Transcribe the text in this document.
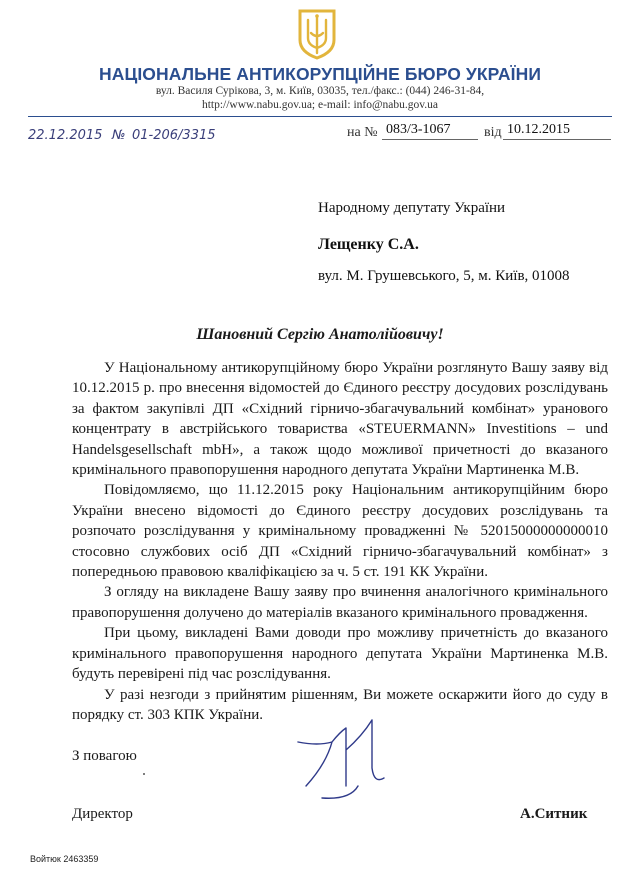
НАЦІОНАЛЬНЕ АНТИКОРУПЦІЙНЕ БЮРО УКРАЇНИ
вул. Василя Сурікова, 3, м. Київ, 03035, тел./факс.: (044) 246-31-84,
http://www.nabu.gov.ua; e-mail: info@nabu.gov.ua
22.12.2015 № 01-206/3315	на № 083/3-1067	від 10.12.2015
Народному депутату України
Лещенку С.А.
вул. М. Грушевського, 5, м. Київ, 01008
Шановний Сергію Анатолійовичу!

У Національному антикорупційному бюро України розглянуто Вашу заяву від 10.12.2015 р. про внесення відомостей до Єдиного реєстру досудових розслідувань за фактом закупівлі ДП «Східний гірничо-збагачувальний комбінат» уранового концентрату в австрійського товариства «STEUERMANN» Investitions – und Handelsgesellschaft mbH», а також щодо можливої причетності до вказаного кримінального правопорушення народного депутата України Мартиненка М.В.

Повідомляємо, що 11.12.2015 року Національним антикорупційним бюро України внесено відомості до Єдиного реєстру досудових розслідувань та розпочато розслідування у кримінальному провадженні № 52015000000000010 стосовно службових осіб ДП «Східний гірничо-збагачувальний комбінат» з попередньою правовою кваліфікацією за ч. 5 ст. 191 КК України.

З огляду на викладене Вашу заяву про вчинення аналогічного кримінального правопорушення долучено до матеріалів вказаного кримінального провадження.

При цьому, викладені Вами доводи про можливу причетність до вказаного кримінального правопорушення народного депутата України Мартиненка М.В. будуть перевірені під час розслідування.

У разі незгоди з прийнятим рішенням, Ви можете оскаржити його до суду в порядку ст. 303 КПК України.

З повагою
Директор	А.Ситник
Войтюк 2463359
